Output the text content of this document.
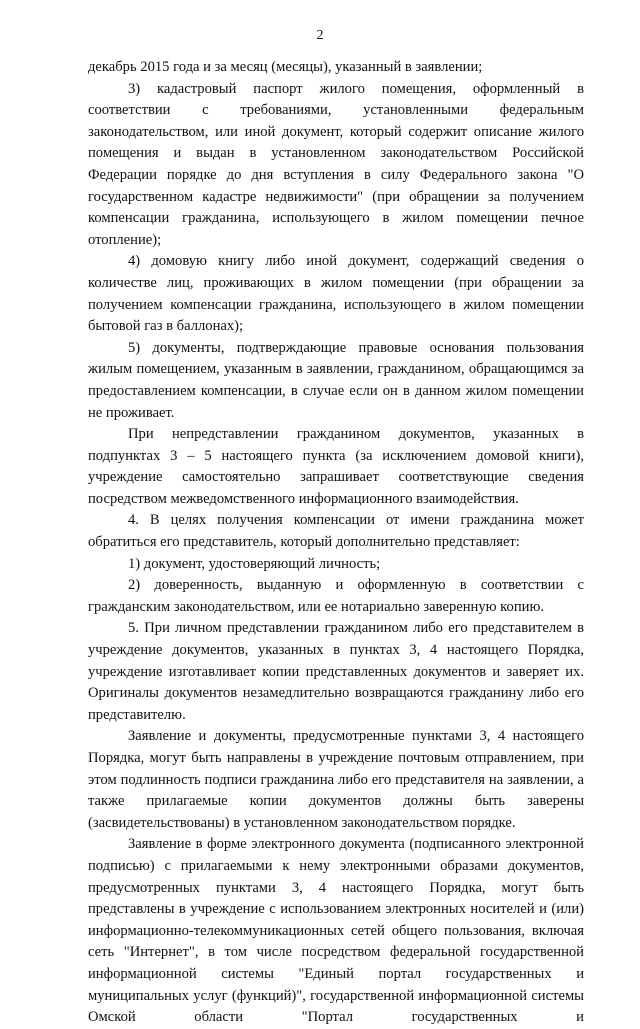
2

декабрь 2015 года и за месяц (месяцы), указанный в заявлении;

3) кадастровый паспорт жилого помещения, оформленный в соответствии с требованиями, установленными федеральным законодательством, или иной документ, который содержит описание жилого помещения и выдан в установленном законодательством Российской Федерации порядке до дня вступления в силу Федерального закона "О государственном кадастре недвижимости" (при обращении за получением компенсации гражданина, использующего в жилом помещении печное отопление);

4) домовую книгу либо иной документ, содержащий сведения о количестве лиц, проживающих в жилом помещении (при обращении за получением компенсации гражданина, использующего в жилом помещении бытовой газ в баллонах);

5) документы, подтверждающие правовые основания пользования жилым помещением, указанным в заявлении, гражданином, обращающимся за предоставлением компенсации, в случае если он в данном жилом помещении не проживает.

При непредставлении гражданином документов, указанных в подпунктах 3 – 5 настоящего пункта (за исключением домовой книги), учреждение самостоятельно запрашивает соответствующие сведения посредством межведомственного информационного взаимодействия.

4. В целях получения компенсации от имени гражданина может обратиться его представитель, который дополнительно представляет:

1) документ, удостоверяющий личность;

2) доверенность, выданную и оформленную в соответствии с гражданским законодательством, или ее нотариально заверенную копию.

5. При личном представлении гражданином либо его представителем в учреждение документов, указанных в пунктах 3, 4 настоящего Порядка, учреждение изготавливает копии представленных документов и заверяет их. Оригиналы документов незамедлительно возвращаются гражданину либо его представителю.

Заявление и документы, предусмотренные пунктами 3, 4 настоящего Порядка, могут быть направлены в учреждение почтовым отправлением, при этом подлинность подписи гражданина либо его представителя на заявлении, а также прилагаемые копии документов должны быть заверены (засвидетельствованы) в установленном законодательством порядке.

Заявление в форме электронного документа (подписанного электронной подписью) с прилагаемыми к нему электронными образами документов, предусмотренных пунктами 3, 4 настоящего Порядка, могут быть представлены в учреждение с использованием электронных носителей и (или) информационно-телекоммуникационных сетей общего пользования, включая сеть "Интернет", в том числе посредством федеральной государственной информационной системы "Единый портал государственных и муниципальных услуг (функций)", государственной информационной системы Омской области "Портал государственных и
